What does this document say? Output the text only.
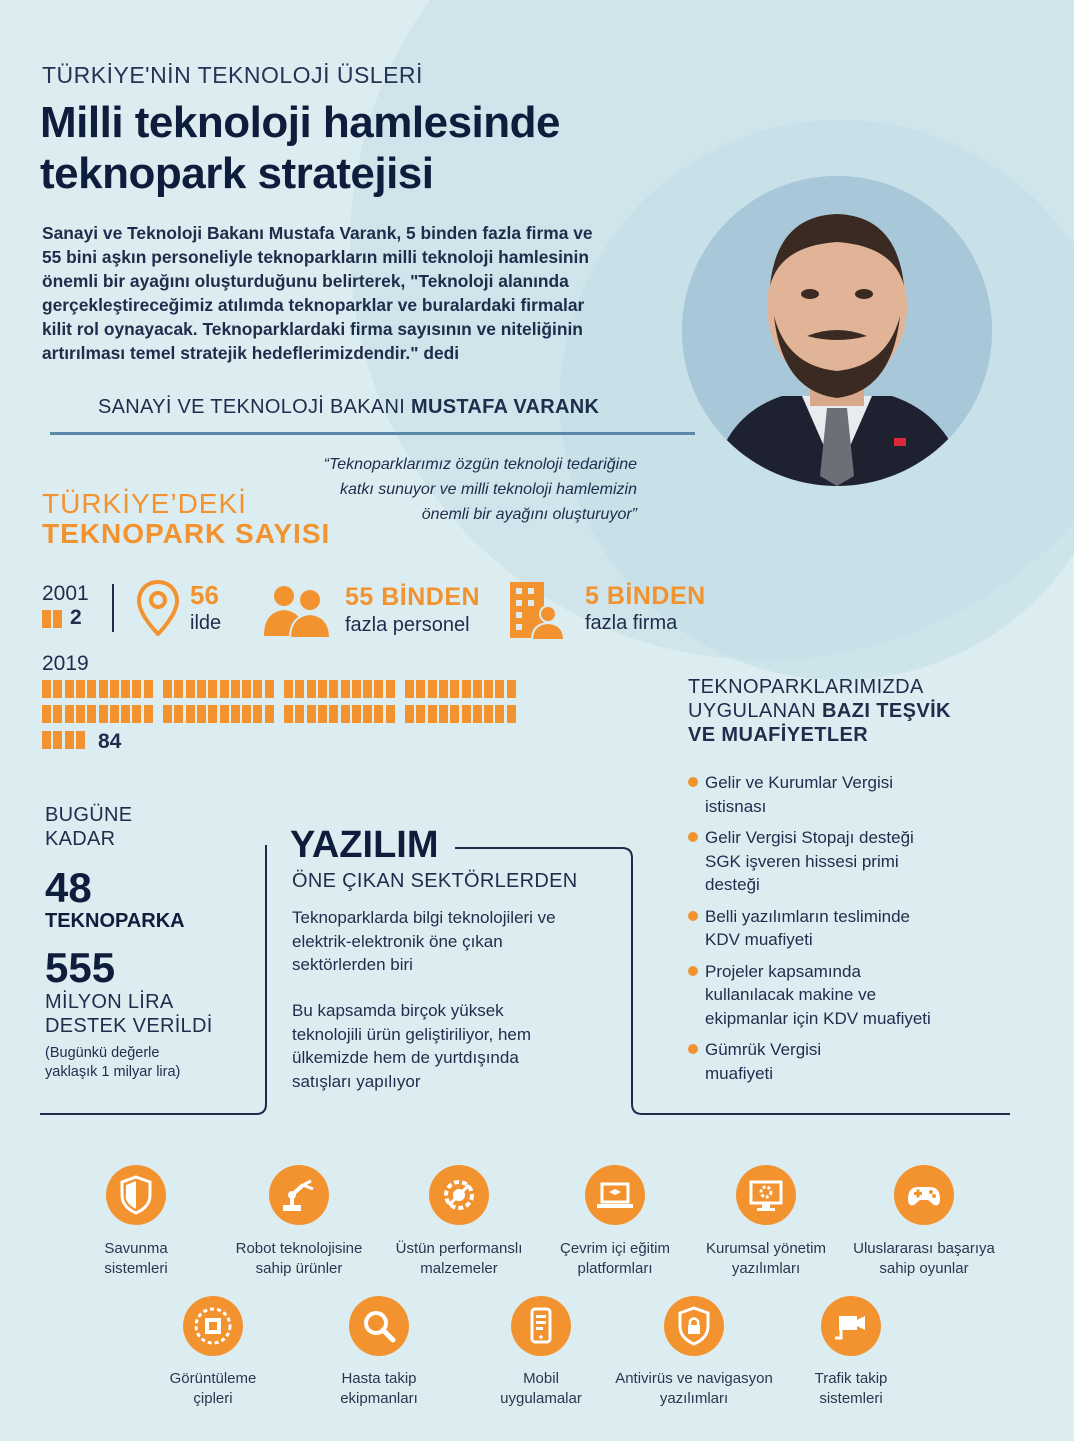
TÜRKİYE'NİN TEKNOLOJİ ÜSLERİ
Milli teknoloji hamlesinde
teknopark stratejisi
Sanayi ve Teknoloji Bakanı Mustafa Varank, 5 binden fazla firma ve
55 bini aşkın personeliyle teknoparkların milli teknoloji hamlesinin
önemli bir ayağını oluşturduğunu belirterek, "Teknoloji alanında
gerçekleştireceğimiz atılımda teknoparklar ve buralardaki firmalar
kilit rol oynayacak. Teknoparklardaki firma sayısının ve niteliğinin
artırılması temel stratejik hedeflerimizdendir." dedi
SANAYİ VE TEKNOLOJİ BAKANI MUSTAFA VARANK
“Teknoparklarımız özgün teknoloji tedariğine
katkı sunuyor ve milli teknoloji hamlemizin
önemli bir ayağını oluşturuyor”
TÜRKİYE’DEKİ
TEKNOPARK SAYISI
2001
2
56
ilde
55 BİNDEN
fazla personel
5 BİNDEN
fazla firma
2019
84
TEKNOPARKLARIMIZDA
UYGULANAN BAZI TEŞVİK
VE MUAFİYETLER
Gelir ve Kurumlar Vergisi
istisnası
Gelir Vergisi Stopajı desteği
SGK işveren hissesi primi
desteği
Belli yazılımların tesliminde
KDV muafiyeti
Projeler kapsamında
kullanılacak makine ve
ekipmanlar için KDV muafiyeti
Gümrük Vergisi
muafiyeti
BUGÜNE
KADAR
48
TEKNOPARKA
555
MİLYON LİRA
DESTEK VERİLDİ
(Bugünkü değerle
yaklaşık 1 milyar lira)
YAZILIM
ÖNE ÇIKAN SEKTÖRLERDEN
Teknoparklarda bilgi teknolojileri ve
elektrik-elektronik öne çıkan
sektörlerden biri
Bu kapsamda birçok yüksek
teknolojili ürün geliştiriliyor, hem
ülkemizde hem de yurtdışında
satışları yapılıyor
Savunma
sistemleri
Robot teknolojisine
sahip ürünler
Üstün performanslı
malzemeler
Çevrim içi eğitim
platformları
Kurumsal yönetim
yazılımları
Uluslararası başarıya
sahip oyunlar
Görüntüleme
çipleri
Hasta takip
ekipmanları
Mobil
uygulamalar
Antivirüs ve navigasyon
yazılımları
Trafik takip
sistemleri
